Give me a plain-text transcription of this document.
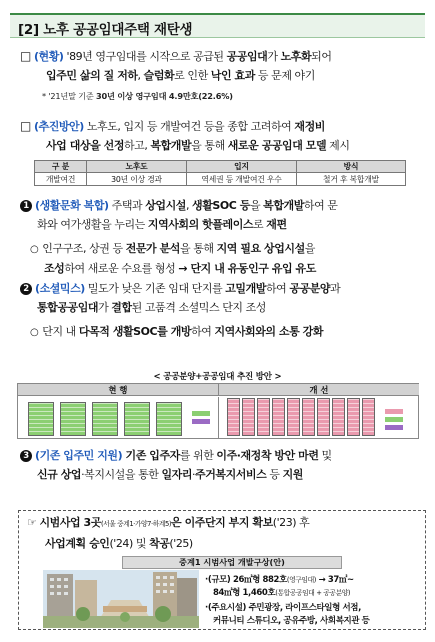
[2] 노후 공공임대주택 재탄생
□ (현황) '89년 영구임대를 시작으로 공급된 공공임대가 노후화되어
입주민 삶의 질 저하, 슬럼화로 인한 낙인 효과 등 문제 야기
* '21년말 기준 30년 이상 영구임대 4.9만호(22.6%)
□ (추진방안) 노후도, 입지 등 개발여건 등을 종합 고려하여 재정비
사업 대상을 선정하고, 복합개발을 통해 새로운 공공임대 모델 제시
구 분	노후도	입지	방식
개발여건	30년 이상 경과	역세권 등 개발여건 우수	철거 후 복합개발
1 (생활문화 복합) 주택과 상업시설, 생활SOC 등을 복합개발하여 문
화와 여가생활을 누리는 지역사회의 핫플레이스로 재편
○ 인구구조, 상권 등 전문가 분석을 통해 지역 필요 상업시설을
조성하여 새로운 수요를 형성 → 단지 내 유동인구 유입 유도
2 (소셜믹스) 밀도가 낮은 기존 임대 단지를 고밀개발하여 공공분양과
통합공공임대가 결합된 고품격 소셜믹스 단지 조성
○ 단지 내 다목적 생활SOC를 개방하여 지역사회와의 소통 강화
< 공공분양+공공임대 추진 방안 >
현 행	개 선
3 (기존 입주민 지원) 기존 입주자를 위한 이주·재정착 방안 마련 및
신규 상업·복지시설을 통한 일자리·주거복지서비스 등 지원
☞ 시범사업 3곳(서울 중계1·가양7·하계5)은 이주단지 부지 확보('23) 후
사업계획 승인('24) 및 착공('25)
중계1 시범사업 개발구상(안)
·(규모) 26㎡형 882호(영구임대) → 37㎡~
84㎡형 1,460호(통합공공임대 + 공공분양)
·(주요시설) 주민광장, 라이프스타일형 서점,
커뮤니티 스튜디오, 공유주방, 사회복지관 등
